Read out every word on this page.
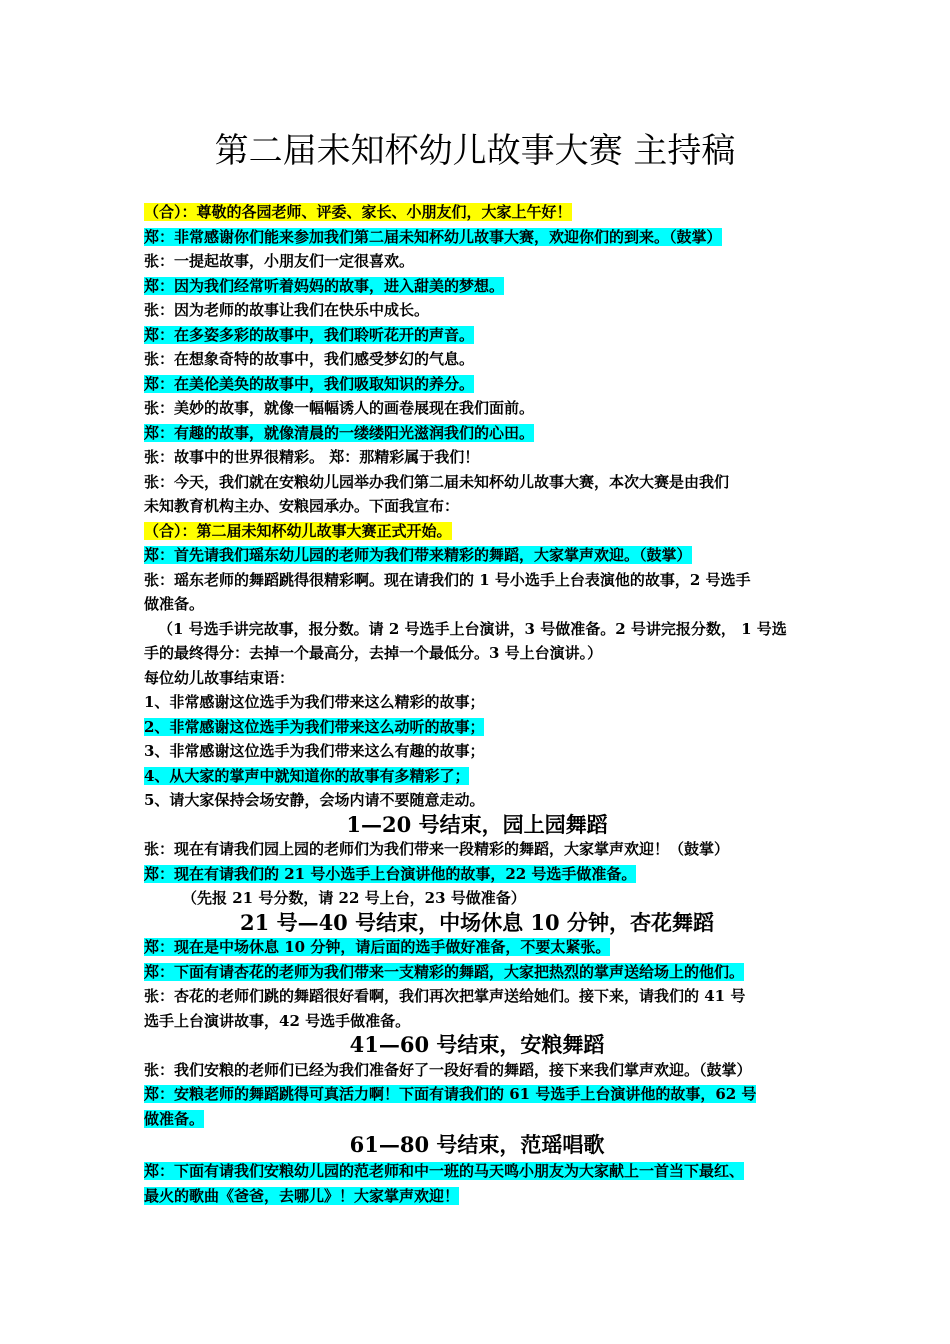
第二届未知杯幼儿故事大赛 主持稿
（合）：尊敬的各园老师、评委、家长、小朋友们，大家上午好！
郑：非常感谢你们能来参加我们第二届未知杯幼儿故事大赛，欢迎你们的到来。（鼓掌）
张：一提起故事，小朋友们一定很喜欢。
郑：因为我们经常听着妈妈的故事，进入甜美的梦想。
张：因为老师的故事让我们在快乐中成长。
郑：在多姿多彩的故事中，我们聆听花开的声音。
张：在想象奇特的故事中，我们感受梦幻的气息。
郑：在美伦美奂的故事中，我们吸取知识的养分。
张：美妙的故事，就像一幅幅诱人的画卷展现在我们面前。
郑：有趣的故事，就像清晨的一缕缕阳光滋润我们的心田。
张：故事中的世界很精彩。 郑：那精彩属于我们！
张：今天，我们就在安粮幼儿园举办我们第二届未知杯幼儿故事大赛，本次大赛是由我们
未知教育机构主办、安粮园承办。下面我宣布：
（合）：第二届未知杯幼儿故事大赛正式开始。
郑：首先请我们瑶东幼儿园的老师为我们带来精彩的舞蹈，大家掌声欢迎。（鼓掌）
张：瑶东老师的舞蹈跳得很精彩啊。现在请我们的 1 号小选手上台表演他的故事，2 号选手
做准备。
（1 号选手讲完故事，报分数。请 2 号选手上台演讲，3 号做准备。2 号讲完报分数， 1 号选
手的最终得分：去掉一个最高分，去掉一个最低分。3 号上台演讲。）
每位幼儿故事结束语：
1、非常感谢这位选手为我们带来这么精彩的故事；
2、非常感谢这位选手为我们带来这么动听的故事；
3、非常感谢这位选手为我们带来这么有趣的故事；
4、从大家的掌声中就知道你的故事有多精彩了；
5、请大家保持会场安静，会场内请不要随意走动。
1—20 号结束，园上园舞蹈
张：现在有请我们园上园的老师们为我们带来一段精彩的舞蹈，大家掌声欢迎！（鼓掌）
郑：现在有请我们的 21 号小选手上台演讲他的故事，22 号选手做准备。
（先报 21 号分数，请 22 号上台，23 号做准备）
21 号—40 号结束，中场休息 10 分钟，杏花舞蹈
郑：现在是中场休息 10 分钟，请后面的选手做好准备，不要太紧张。
郑：下面有请杏花的老师为我们带来一支精彩的舞蹈，大家把热烈的掌声送给场上的他们。
张：杏花的老师们跳的舞蹈很好看啊，我们再次把掌声送给她们。接下来，请我们的 41 号
选手上台演讲故事，42 号选手做准备。
41—60 号结束，安粮舞蹈
张：我们安粮的老师们已经为我们准备好了一段好看的舞蹈，接下来我们掌声欢迎。（鼓掌）
郑：安粮老师的舞蹈跳得可真活力啊！下面有请我们的 61 号选手上台演讲他的故事，62 号
做准备。
61—80 号结束，范瑶唱歌
郑：下面有请我们安粮幼儿园的范老师和中一班的马天鸣小朋友为大家献上一首当下最红、
最火的歌曲《爸爸，去哪儿》！大家掌声欢迎！
